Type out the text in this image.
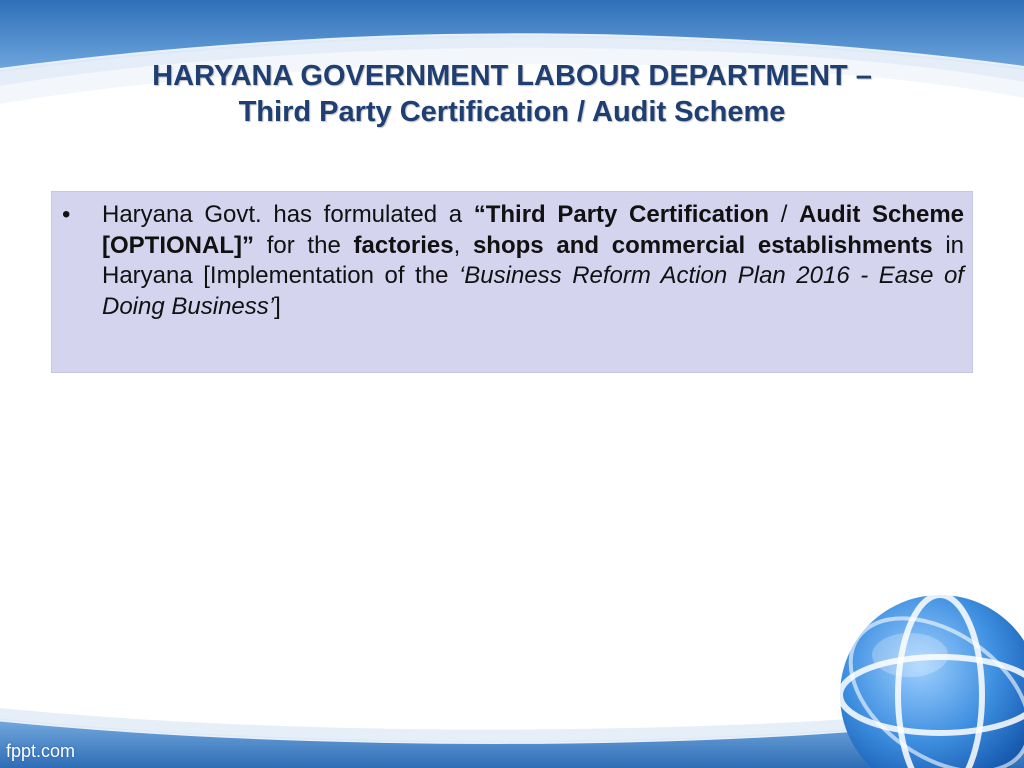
HARYANA GOVERNMENT LABOUR DEPARTMENT –
Third Party Certification / Audit Scheme
•	Haryana Govt. has formulated a “Third Party Certification / Audit Scheme [OPTIONAL]” for the factories, shops and commercial establishments in Haryana [Implementation of the ‘Business Reform Action Plan 2016 - Ease of Doing Business’]
fppt.com
